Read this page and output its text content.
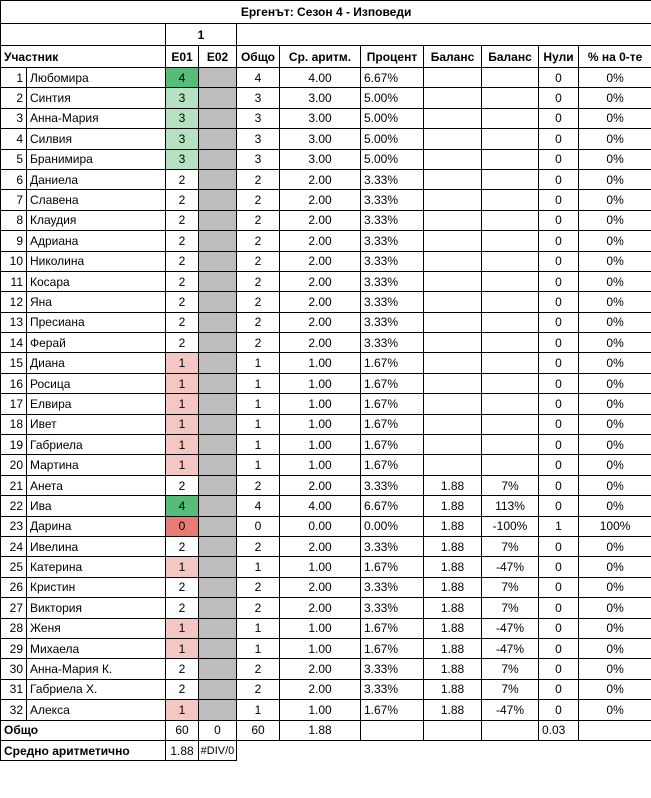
Ергенът: Сезон 4 - Изповеди										
		1								
Участник		E01	E02	Общо	Ср. аритм.	Процент	Баланс	Баланс	Нули	% на 0-те
1	Любомира	4		4	4.00	6.67%			0	0%
2	Синтия	3		3	3.00	5.00%			0	0%
3	Анна-Мария	3		3	3.00	5.00%			0	0%
4	Силвия	3		3	3.00	5.00%			0	0%
5	Бранимира	3		3	3.00	5.00%			0	0%
6	Даниела	2		2	2.00	3.33%			0	0%
7	Славена	2		2	2.00	3.33%			0	0%
8	Клаудия	2		2	2.00	3.33%			0	0%
9	Адриана	2		2	2.00	3.33%			0	0%
10	Николина	2		2	2.00	3.33%			0	0%
11	Косара	2		2	2.00	3.33%			0	0%
12	Яна	2		2	2.00	3.33%			0	0%
13	Пресиана	2		2	2.00	3.33%			0	0%
14	Ферай	2		2	2.00	3.33%			0	0%
15	Диана	1		1	1.00	1.67%			0	0%
16	Росица	1		1	1.00	1.67%			0	0%
17	Елвира	1		1	1.00	1.67%			0	0%
18	Ивет	1		1	1.00	1.67%			0	0%
19	Габриела	1		1	1.00	1.67%			0	0%
20	Мартина	1		1	1.00	1.67%			0	0%
21	Анета	2		2	2.00	3.33%	1.88	7%	0	0%
22	Ива	4		4	4.00	6.67%	1.88	113%	0	0%
23	Дарина	0		0	0.00	0.00%	1.88	-100%	1	100%
24	Ивелина	2		2	2.00	3.33%	1.88	7%	0	0%
25	Катерина	1		1	1.00	1.67%	1.88	-47%	0	0%
26	Кристин	2		2	2.00	3.33%	1.88	7%	0	0%
27	Виктория	2		2	2.00	3.33%	1.88	7%	0	0%
28	Женя	1		1	1.00	1.67%	1.88	-47%	0	0%
29	Михаела	1		1	1.00	1.67%	1.88	-47%	0	0%
30	Анна-Мария К.	2		2	2.00	3.33%	1.88	7%	0	0%
31	Габриела Х.	2		2	2.00	3.33%	1.88	7%	0	0%
32	Алекса	1		1	1.00	1.67%	1.88	-47%	0	0%
Общо		60	0	60	1.88				0.03	
Средно аритметично		1.88	#DIV/0							
